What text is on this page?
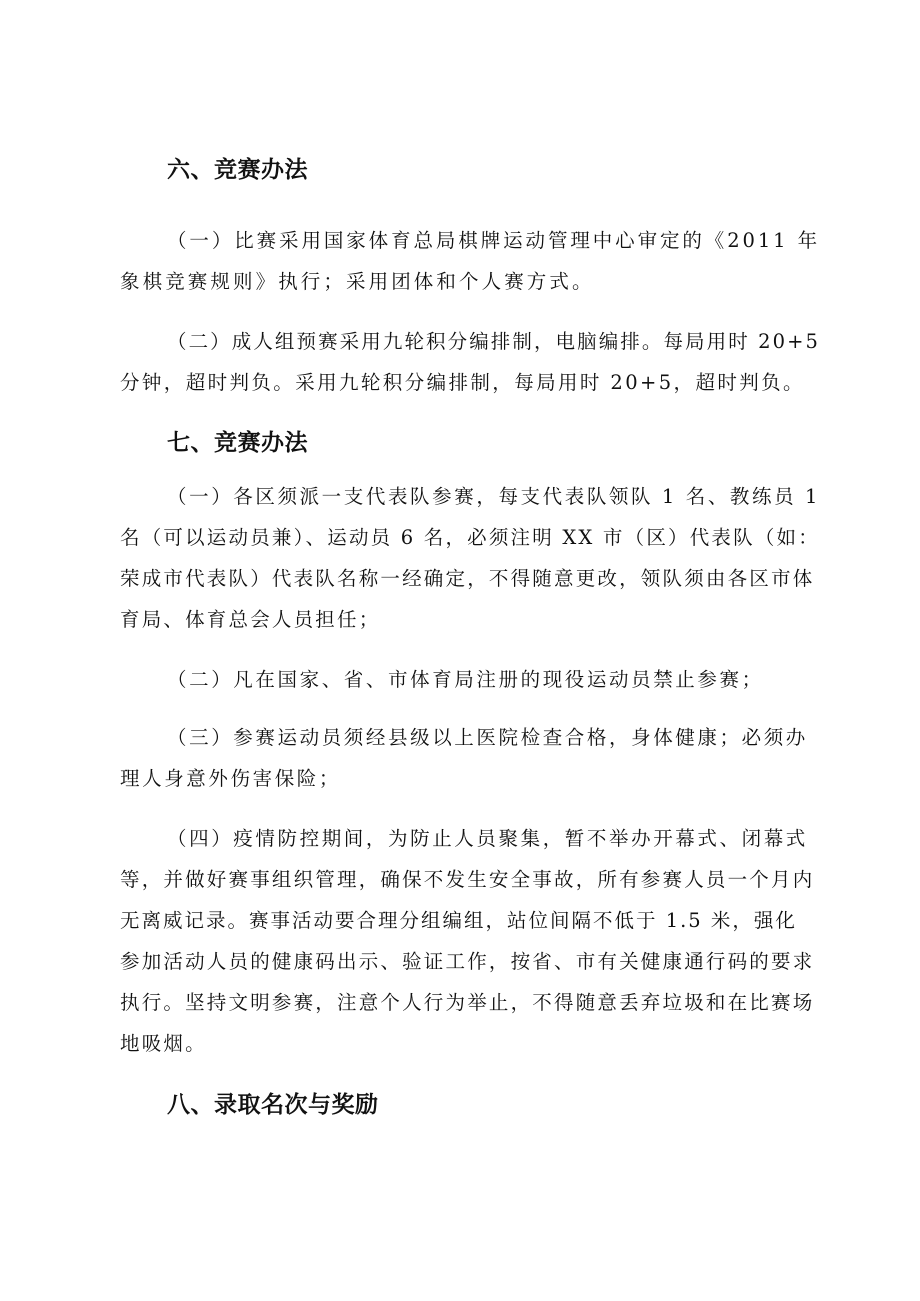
六、竞赛办法
（一）比赛采用国家体育总局棋牌运动管理中心审定的《2011 年
象棋竞赛规则》执行；采用团体和个人赛方式。
（二）成人组预赛采用九轮积分编排制，电脑编排。每局用时 20+5
分钟，超时判负。采用九轮积分编排制，每局用时 20+5，超时判负。
七、竞赛办法
（一）各区须派一支代表队参赛，每支代表队领队 1 名、教练员 1
名（可以运动员兼）、运动员 6 名，必须注明 XX 市（区）代表队（如：
荣成市代表队）代表队名称一经确定，不得随意更改，领队须由各区市体
育局、体育总会人员担任；
（二）凡在国家、省、市体育局注册的现役运动员禁止参赛；
（三）参赛运动员须经县级以上医院检查合格，身体健康；必须办
理人身意外伤害保险；
（四）疫情防控期间，为防止人员聚集，暂不举办开幕式、闭幕式
等，并做好赛事组织管理，确保不发生安全事故，所有参赛人员一个月内
无离威记录。赛事活动要合理分组编组，站位间隔不低于 1.5 米，强化
参加活动人员的健康码出示、验证工作，按省、市有关健康通行码的要求
执行。坚持文明参赛，注意个人行为举止，不得随意丢弃垃圾和在比赛场
地吸烟。
八、录取名次与奖励
